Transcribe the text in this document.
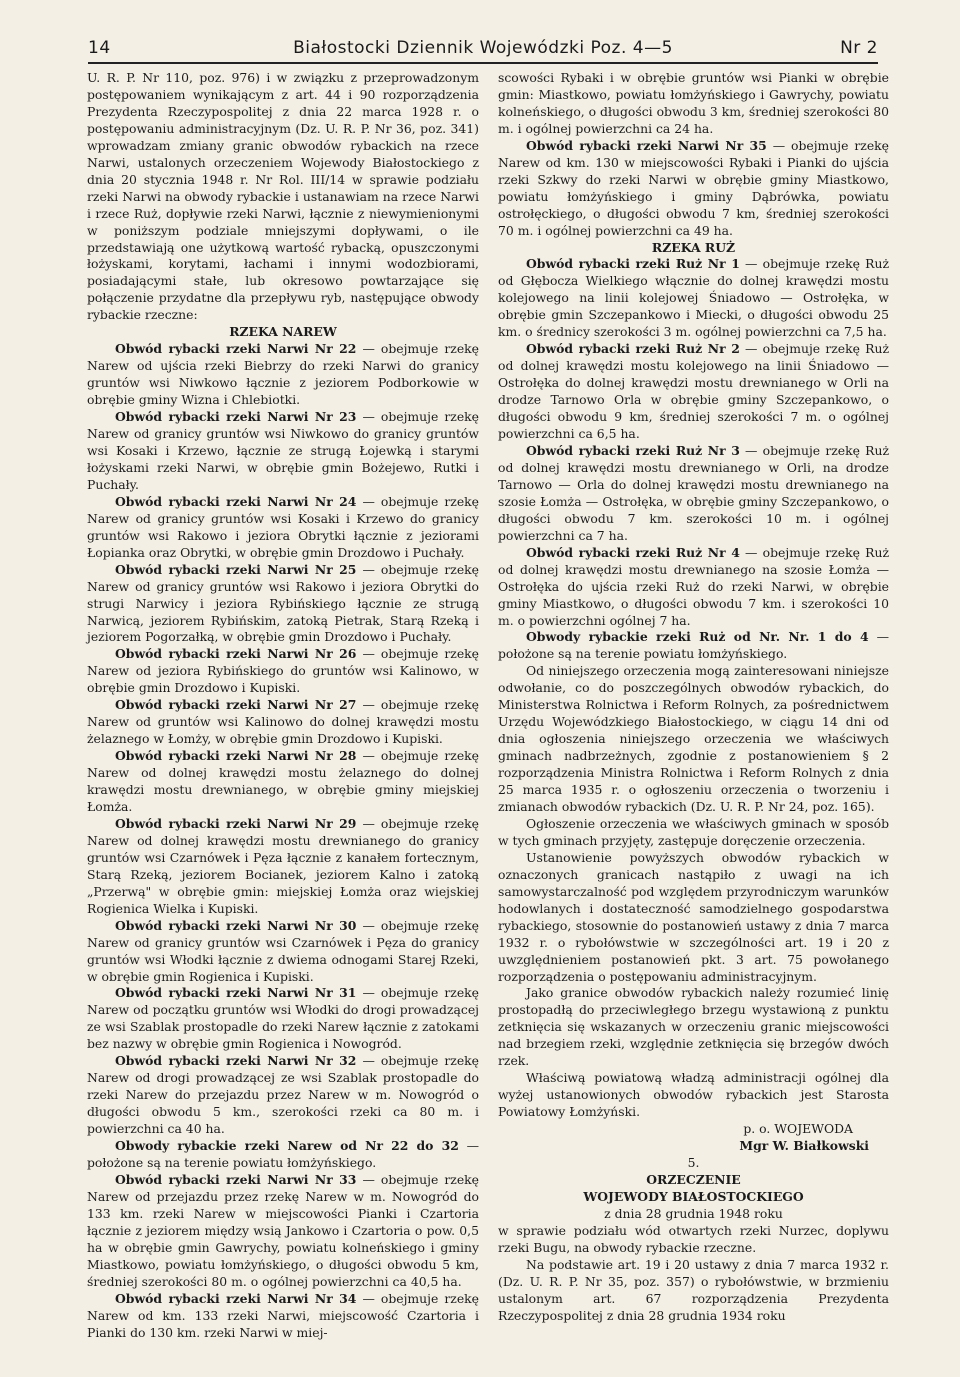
14	Białostocki Dziennik Wojewódzki Poz. 4—5	Nr 2

U. R. P. Nr 110, poz. 976) i w związku z przeprowadzonym postępowaniem wynikającym z art. 44 i 90 rozporządzenia Prezydenta Rzeczypospolitej z dnia 22 marca 1928 r. o postępowaniu administracyjnym (Dz. U. R. P. Nr 36, poz. 341) wprowadzam zmiany granic obwodów rybackich na rzece Narwi, ustalonych orzeczeniem Wojewody Białostockiego z dnia 20 stycznia 1948 r. Nr Rol. III/14 w sprawie podziału rzeki Narwi na obwody rybackie i ustanawiam na rzece Narwi i rzece Ruż, dopływie rzeki Narwi, łącznie z niewymienionymi w poniższym podziale mniejszymi dopływami, o ile przedstawiają one użytkową wartość rybacką, opuszczonymi łożyskami, korytami, łachami i innymi wodozbiorami, posiadającymi stałe, lub okresowo powtarzające się połączenie przydatne dla przepływu ryb, następujące obwody rybackie rzeczne:

RZEKA NAREW

Obwód rybacki rzeki Narwi Nr 22 — obejmuje rzekę Narew od ujścia rzeki Biebrzy do rzeki Narwi do granicy gruntów wsi Niwkowo łącznie z jeziorem Podborkowie w obrębie gminy Wizna i Chlebiotki.

Obwód rybacki rzeki Narwi Nr 23 — obejmuje rzekę Narew od granicy gruntów wsi Niwkowo do granicy gruntów wsi Kosaki i Krzewo, łącznie ze strugą Łojewką i starymi łożyskami rzeki Narwi, w obrębie gmin Bożejewo, Rutki i Puchały.

Obwód rybacki rzeki Narwi Nr 24 — obejmuje rzekę Narew od granicy gruntów wsi Kosaki i Krzewo do granicy gruntów wsi Rakowo i jeziora Obrytki łącznie z jeziorami Łopianka oraz Obrytki, w obrębie gmin Drozdowo i Puchały.

Obwód rybacki rzeki Narwi Nr 25 — obejmuje rzekę Narew od granicy gruntów wsi Rakowo i jeziora Obrytki do strugi Narwicy i jeziora Rybińskiego łącznie ze strugą Narwicą, jeziorem Rybińskim, zatoką Pietrak, Starą Rzeką i jeziorem Pogorzałką, w obrębie gmin Drozdowo i Puchały.

Obwód rybacki rzeki Narwi Nr 26 — obejmuje rzekę Narew od jeziora Rybińskiego do gruntów wsi Kalinowo, w obrębie gmin Drozdowo i Kupiski.

Obwód rybacki rzeki Narwi Nr 27 — obejmuje rzekę Narew od gruntów wsi Kalinowo do dolnej krawędzi mostu żelaznego w Łomży, w obrębie gmin Drozdowo i Kupiski.

Obwód rybacki rzeki Narwi Nr 28 — obejmuje rzekę Narew od dolnej krawędzi mostu żelaznego do dolnej krawędzi mostu drewnianego, w obrębie gminy miejskiej Łomża.

Obwód rybacki rzeki Narwi Nr 29 — obejmuje rzekę Narew od dolnej krawędzi mostu drewnianego do granicy gruntów wsi Czarnówek i Pęza łącznie z kanałem fortecznym, Starą Rzeką, jeziorem Bocianek, jeziorem Kalno i zatoką „Przerwą" w obrębie gmin: miejskiej Łomża oraz wiejskiej Rogienica Wielka i Kupiski.

Obwód rybacki rzeki Narwi Nr 30 — obejmuje rzekę Narew od granicy gruntów wsi Czarnówek i Pęza do granicy gruntów wsi Włodki łącznie z dwiema odnogami Starej Rzeki, w obrębie gmin Rogienica i Kupiski.

Obwód rybacki rzeki Narwi Nr 31 — obejmuje rzekę Narew od początku gruntów wsi Włodki do drogi prowadzącej ze wsi Szablak prostopadle do rzeki Narew łącznie z zatokami bez nazwy w obrębie gmin Rogienica i Nowogród.

Obwód rybacki rzeki Narwi Nr 32 — obejmuje rzekę Narew od drogi prowadzącej ze wsi Szablak prostopadle do rzeki Narew do przejazdu przez Narew w m. Nowogród o długości obwodu 5 km., szerokości rzeki ca 80 m. i powierzchni ca 40 ha.

Obwody rybackie rzeki Narew od Nr 22 do 32 — położone są na terenie powiatu łomżyńskiego.

Obwód rybacki rzeki Narwi Nr 33 — obejmuje rzekę Narew od przejazdu przez rzekę Narew w m. Nowogród do 133 km. rzeki Narew w miejscowości Pianki i Czartoria łącznie z jeziorem między wsią Jankowo i Czartoria o pow. 0,5 ha w obrębie gmin Gawrychy, powiatu kolneńskiego i gminy Miastkowo, powiatu łomżyńskiego, o długości obwodu 5 km, średniej szerokości 80 m. o ogólnej powierzchni ca 40,5 ha.

Obwód rybacki rzeki Narwi Nr 34 — obejmuje rzekę Narew od km. 133 rzeki Narwi, miejscowość Czartoria i Pianki do 130 km. rzeki Narwi w miej-

scowości Rybaki i w obrębie gruntów wsi Pianki w obrębie gmin: Miastkowo, powiatu łomżyńskiego i Gawrychy, powiatu kolneńskiego, o długości obwodu 3 km, średniej szerokości 80 m. i ogólnej powierzchni ca 24 ha.

Obwód rybacki rzeki Narwi Nr 35 — obejmuje rzekę Narew od km. 130 w miejscowości Rybaki i Pianki do ujścia rzeki Szkwy do rzeki Narwi w obrębie gminy Miastkowo, powiatu łomżyńskiego i gminy Dąbrówka, powiatu ostrołęckiego, o długości obwodu 7 km, średniej szerokości 70 m. i ogólnej powierzchni ca 49 ha.

RZEKA RUŻ

Obwód rybacki rzeki Ruż Nr 1 — obejmuje rzekę Ruż od Głębocza Wielkiego włącznie do dolnej krawędzi mostu kolejowego na linii kolejowej Śniadowo — Ostrołęka, w obrębie gmin Szczepankowo i Miecki, o długości obwodu 25 km. o średnicy szerokości 3 m. ogólnej powierzchni ca 7,5 ha.

Obwód rybacki rzeki Ruż Nr 2 — obejmuje rzekę Ruż od dolnej krawędzi mostu kolejowego na linii Śniadowo — Ostrołęka do dolnej krawędzi mostu drewnianego w Orli na drodze Tarnowo Orla w obrębie gminy Szczepankowo, o długości obwodu 9 km, średniej szerokości 7 m. o ogólnej powierzchni ca 6,5 ha.

Obwód rybacki rzeki Ruż Nr 3 — obejmuje rzekę Ruż od dolnej krawędzi mostu drewnianego w Orli, na drodze Tarnowo — Orla do dolnej krawędzi mostu drewnianego na szosie Łomża — Ostrołęka, w obrębie gminy Szczepankowo, o długości obwodu 7 km. szerokości 10 m. i ogólnej powierzchni ca 7 ha.

Obwód rybacki rzeki Ruż Nr 4 — obejmuje rzekę Ruż od dolnej krawędzi mostu drewnianego na szosie Łomża — Ostrołęka do ujścia rzeki Ruż do rzeki Narwi, w obrębie gminy Miastkowo, o długości obwodu 7 km. i szerokości 10 m. o powierzchni ogólnej 7 ha.

Obwody rybackie rzeki Ruż od Nr. Nr. 1 do 4 — położone są na terenie powiatu łomżyńskiego.

Od niniejszego orzeczenia mogą zainteresowani niniejsze odwołanie, co do poszczególnych obwodów rybackich, do Ministerstwa Rolnictwa i Reform Rolnych, za pośrednictwem Urzędu Wojewódzkiego Białostockiego, w ciągu 14 dni od dnia ogłoszenia niniejszego orzeczenia we właściwych gminach nadbrzeżnych, zgodnie z postanowieniem § 2 rozporządzenia Ministra Rolnictwa i Reform Rolnych z dnia 25 marca 1935 r. o ogłoszeniu orzeczenia o tworzeniu i zmianach obwodów rybackich (Dz. U. R. P. Nr 24, poz. 165).

Ogłoszenie orzeczenia we właściwych gminach w sposób w tych gminach przyjęty, zastępuje doręczenie orzeczenia.

Ustanowienie powyższych obwodów rybackich w oznaczonych granicach nastąpiło z uwagi na ich samowystarczalność pod względem przyrodniczym warunków hodowlanych i dostateczność samodzielnego gospodarstwa rybackiego, stosownie do postanowień ustawy z dnia 7 marca 1932 r. o rybołówstwie w szczególności art. 19 i 20 z uwzględnieniem postanowień pkt. 3 art. 75 powołanego rozporządzenia o postępowaniu administracyjnym.

Jako granice obwodów rybackich należy rozumieć linię prostopadłą do przeciwległego brzegu wystawioną z punktu zetknięcia się wskazanych w orzeczeniu granic miejscowości nad brzegiem rzeki, względnie zetknięcia się brzegów dwóch rzek.

Właściwą powiatową władzą administracji ogólnej dla wyżej ustanowionych obwodów rybackich jest Starosta Powiatowy Łomżyński.

p. o. WOJEWODA

Mgr W. Białkowski

5.

ORZECZENIE

WOJEWODY BIAŁOSTOCKIEGO

z dnia 28 grudnia 1948 roku

w sprawie podziału wód otwartych rzeki Nurzec, doplywu rzeki Bugu, na obwody rybackie rzeczne.

Na podstawie art. 19 i 20 ustawy z dnia 7 marca 1932 r. (Dz. U. R. P. Nr 35, poz. 357) o rybołówstwie, w brzmieniu ustalonym art. 67 rozporządzenia Prezydenta Rzeczypospolitej z dnia 28 grudnia 1934 roku
